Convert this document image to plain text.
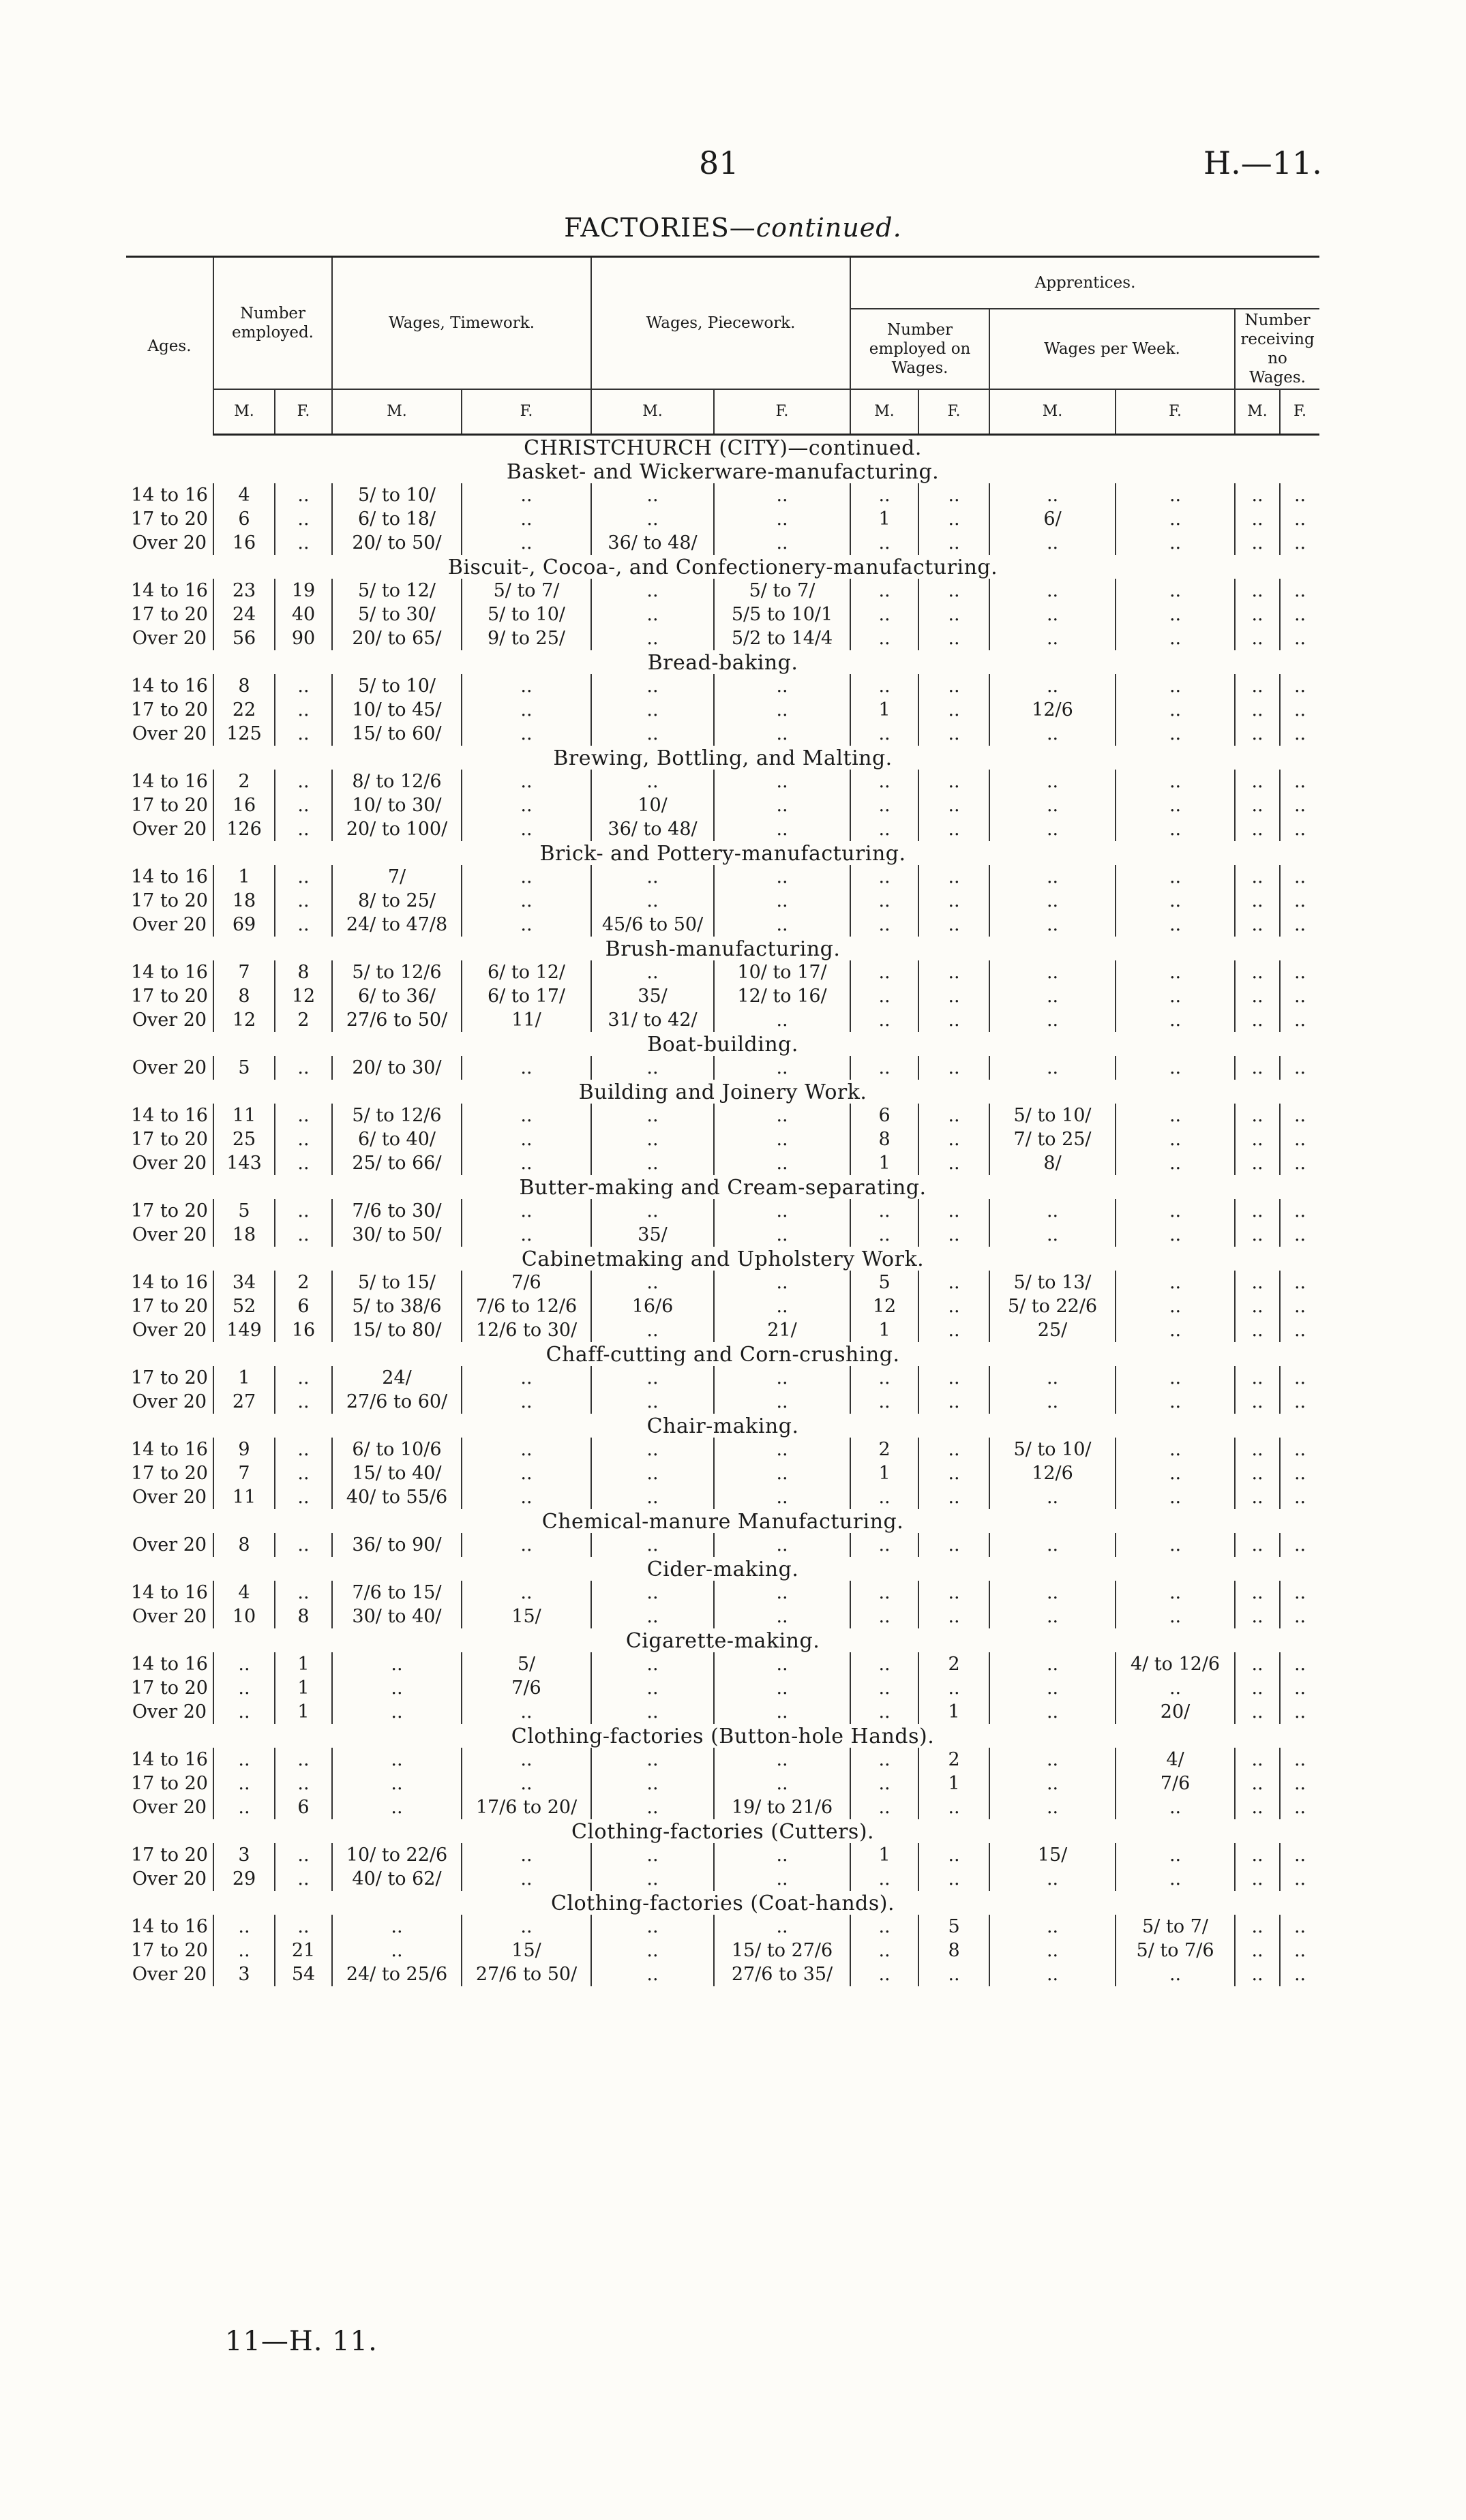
81	H.—11.
FACTORIES—continued.
Ages.	Number employed.		Wages, Timework.		Wages, Piecework.		Apprentices.					
							Number employed on Wages.		Wages per Week.		Number receiving no Wages.	
	M.	F.	M.	F.	M.	F.	M.	F.	M.	F.	M.	F.
CHRISTCHURCH (CITY)—continued.												
Basket- and Wickerware-manufacturing.												
14 to 16	4	..	5/ to 10/	..	..	..	..	..	..	..	..	..
17 to 20	6	..	6/ to 18/	..	..	..	1	..	6/	..	..	..
Over 20	16	..	20/ to 50/	..	36/ to 48/	..	..	..	..	..	..	..
Biscuit-, Cocoa-, and Confectionery-manufacturing.												
14 to 16	23	19	5/ to 12/	5/ to 7/	..	5/ to 7/	..	..	..	..	..	..
17 to 20	24	40	5/ to 30/	5/ to 10/	..	5/5 to 10/1	..	..	..	..	..	..
Over 20	56	90	20/ to 65/	9/ to 25/	..	5/2 to 14/4	..	..	..	..	..	..
Bread-baking.												
14 to 16	8	..	5/ to 10/	..	..	..	..	..	..	..	..	..
17 to 20	22	..	10/ to 45/	..	..	..	1	..	12/6	..	..	..
Over 20	125	..	15/ to 60/	..	..	..	..	..	..	..	..	..
Brewing, Bottling, and Malting.												
14 to 16	2	..	8/ to 12/6	..	..	..	..	..	..	..	..	..
17 to 20	16	..	10/ to 30/	..	10/	..	..	..	..	..	..	..
Over 20	126	..	20/ to 100/	..	36/ to 48/	..	..	..	..	..	..	..
Brick- and Pottery-manufacturing.												
14 to 16	1	..	7/	..	..	..	..	..	..	..	..	..
17 to 20	18	..	8/ to 25/	..	..	..	..	..	..	..	..	..
Over 20	69	..	24/ to 47/8	..	45/6 to 50/	..	..	..	..	..	..	..
Brush-manufacturing.												
14 to 16	7	8	5/ to 12/6	6/ to 12/	..	10/ to 17/	..	..	..	..	..	..
17 to 20	8	12	6/ to 36/	6/ to 17/	35/	12/ to 16/	..	..	..	..	..	..
Over 20	12	2	27/6 to 50/	11/	31/ to 42/	..	..	..	..	..	..	..
Boat-building.												
Over 20	5	..	20/ to 30/	..	..	..	..	..	..	..	..	..
Building and Joinery Work.												
14 to 16	11	..	5/ to 12/6	..	..	..	6	..	5/ to 10/	..	..	..
17 to 20	25	..	6/ to 40/	..	..	..	8	..	7/ to 25/	..	..	..
Over 20	143	..	25/ to 66/	..	..	..	1	..	8/	..	..	..
Butter-making and Cream-separating.												
17 to 20	5	..	7/6 to 30/	..	..	..	..	..	..	..	..	..
Over 20	18	..	30/ to 50/	..	35/	..	..	..	..	..	..	..
Cabinetmaking and Upholstery Work.												
14 to 16	34	2	5/ to 15/	7/6	..	..	5	..	5/ to 13/	..	..	..
17 to 20	52	6	5/ to 38/6	7/6 to 12/6	16/6	..	12	..	5/ to 22/6	..	..	..
Over 20	149	16	15/ to 80/	12/6 to 30/	..	21/	1	..	25/	..	..	..
Chaff-cutting and Corn-crushing.												
17 to 20	1	..	24/	..	..	..	..	..	..	..	..	..
Over 20	27	..	27/6 to 60/	..	..	..	..	..	..	..	..	..
Chair-making.												
14 to 16	9	..	6/ to 10/6	..	..	..	2	..	5/ to 10/	..	..	..
17 to 20	7	..	15/ to 40/	..	..	..	1	..	12/6	..	..	..
Over 20	11	..	40/ to 55/6	..	..	..	..	..	..	..	..	..
Chemical-manure Manufacturing.												
Over 20	8	..	36/ to 90/	..	..	..	..	..	..	..	..	..
Cider-making.												
14 to 16	4	..	7/6 to 15/	..	..	..	..	..	..	..	..	..
Over 20	10	8	30/ to 40/	15/	..	..	..	..	..	..	..	..
Cigarette-making.												
14 to 16	..	1	..	5/	..	..	..	2	..	4/ to 12/6	..	..
17 to 20	..	1	..	7/6	..	..	..	..	..	..	..	..
Over 20	..	1	..	..	..	..	..	1	..	20/	..	..
Clothing-factories (Button-hole Hands).												
14 to 16	..	..	..	..	..	..	..	2	..	4/	..	..
17 to 20	..	..	..	..	..	..	..	1	..	7/6	..	..
Over 20	..	6	..	17/6 to 20/	..	19/ to 21/6	..	..	..	..	..	..
Clothing-factories (Cutters).												
17 to 20	3	..	10/ to 22/6	..	..	..	1	..	15/	..	..	..
Over 20	29	..	40/ to 62/	..	..	..	..	..	..	..	..	..
Clothing-factories (Coat-hands).												
14 to 16	..	..	..	..	..	..	..	5	..	5/ to 7/	..	..
17 to 20	..	21	..	15/	..	15/ to 27/6	..	8	..	5/ to 7/6	..	..
Over 20	3	54	24/ to 25/6	27/6 to 50/	..	27/6 to 35/	..	..	..	..	..	..
11—H. 11.
